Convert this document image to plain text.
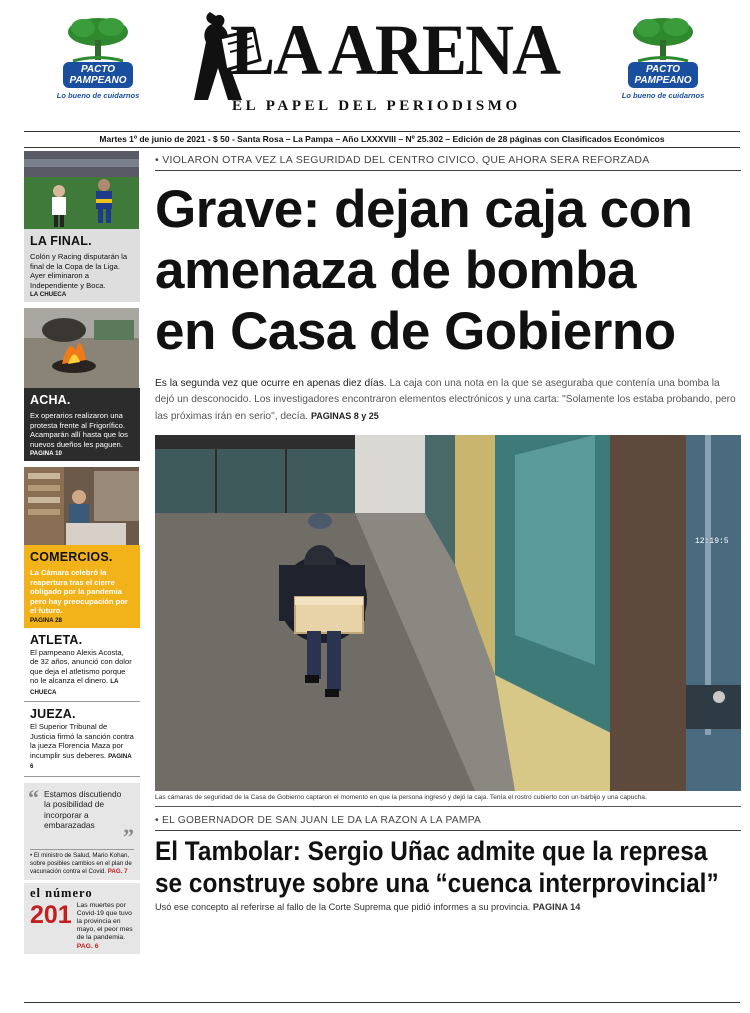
PACTO
PAMPEANO
Lo bueno de cuidarnos
LA ARENA
EL PAPEL DEL PERIODISMO
PACTO
PAMPEANO
Lo bueno de cuidarnos
Martes 1º de junio de 2021 - $ 50 - Santa Rosa – La Pampa – Año LXXXVIII – Nº 25.302 – Edición de 28 páginas con Clasificados Económicos
LA FINAL.
Colón y Racing disputarán la final de la Copa de la Liga. Ayer eliminaron a Independiente y Boca.
LA CHUECA
ACHA.
Ex operarios realizaron una protesta frente al Frigorífico. Acamparán allí hasta que los nuevos dueños les paguen.
PAGINA 10
COMERCIOS.
La Cámara celebró la reapertura tras el cierre obligado por la pandemia pero hay preocupación por el futuro.
PAGINA 28
ATLETA.
El pampeano Alexis Acosta, de 32 años, anunció con dolor que deja el atletismo porque no le alcanza el dinero. LA CHUECA
JUEZA.
El Superior Tribunal de Justicia firmó la sanción contra la jueza Florencia Maza por incumplir sus deberes. PAGINA 6
“ Estamos discutiendo la posibilidad de incorporar a embarazadas	”
• El ministro de Salud, Mario Kohan, sobre posibles cambios en el plan de vacunación contra el Covid. PAG. 7
el número
201 Las muertes por Covid-19 que tuvo la provincia en mayo, el peor mes de la pandemia. PAG. 6
• VIOLARON OTRA VEZ LA SEGURIDAD DEL CENTRO CIVICO, QUE AHORA SERA REFORZADA
Grave: dejan caja con
amenaza de bomba
en Casa de Gobierno

Es la segunda vez que ocurre en apenas diez días. La caja con una nota en la que se aseguraba que contenía una bomba la dejó un desconocido. Los investigadores encontraron elementos electrónicos y una carta: "Solamente los estaba probando, pero las próximas irán en serio", decía. PAGINAS 8 y 25

12:19:5
Las cámaras de seguridad de la Casa de Gobierno captaron el momento en que la persona ingresó y dejó la caja. Tenía el rostro cubierto con un barbijo y una capucha.
• EL GOBERNADOR DE SAN JUAN LE DA LA RAZON A LA PAMPA
El Tambolar: Sergio Uñac admite que la represa
se construye sobre una “cuenca interprovincial”

Usó ese concepto al referirse al fallo de la Corte Suprema que pidió informes a su provincia. PAGINA 14
